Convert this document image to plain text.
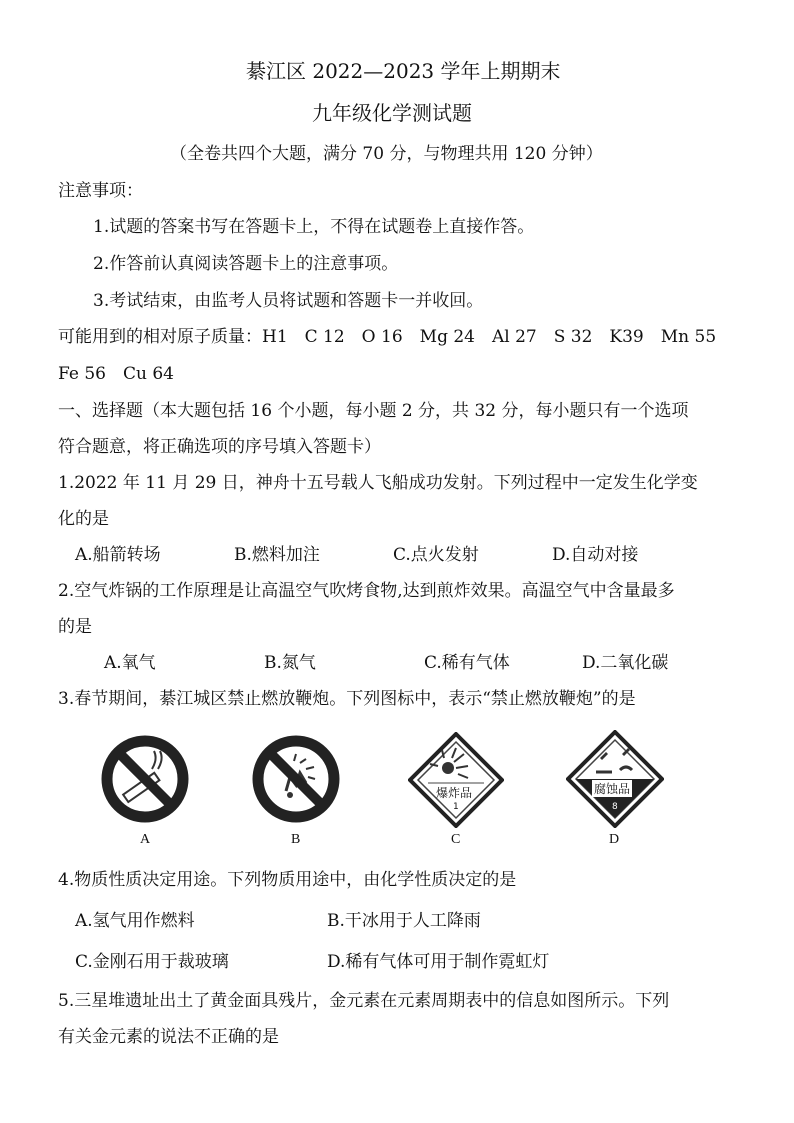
綦江区 2022—2023 学年上期期末
九年级化学测试题
（全卷共四个大题，满分 70 分，与物理共用 120 分钟）
注意事项：
1.试题的答案书写在答题卡上，不得在试题卷上直接作答。
2.作答前认真阅读答题卡上的注意事项。
3.考试结束，由监考人员将试题和答题卡一并收回。
可能用到的相对原子质量：H1　C 12　O 16　Mg 24　Al 27　S 32　K39　Mn 55
Fe 56　Cu 64
一、选择题（本大题包括 16 个小题，每小题 2 分，共 32 分，每小题只有一个选项
符合题意，将正确选项的序号填入答题卡）
1.2022 年 11 月 29 日，神舟十五号载人飞船成功发射。下列过程中一定发生化学变
化的是
A.船箭转场	B.燃料加注	C.点火发射	D.自动对接
2.空气炸锅的工作原理是让高温空气吹烤食物,达到煎炸效果。高温空气中含量最多
的是
A.氧气	B.氮气	C.稀有气体	D.二氧化碳
3.春节期间，綦江城区禁止燃放鞭炮。下列图标中，表示“禁止燃放鞭炮”的是
A	B
爆炸品
1
C
腐蚀品
8
D
4.物质性质决定用途。下列物质用途中，由化学性质决定的是
A.氢气用作燃料	B.干冰用于人工降雨
C.金刚石用于裁玻璃	D.稀有气体可用于制作霓虹灯
5.三星堆遗址出土了黄金面具残片，金元素在元素周期表中的信息如图所示。下列
有关金元素的说法不正确的是
